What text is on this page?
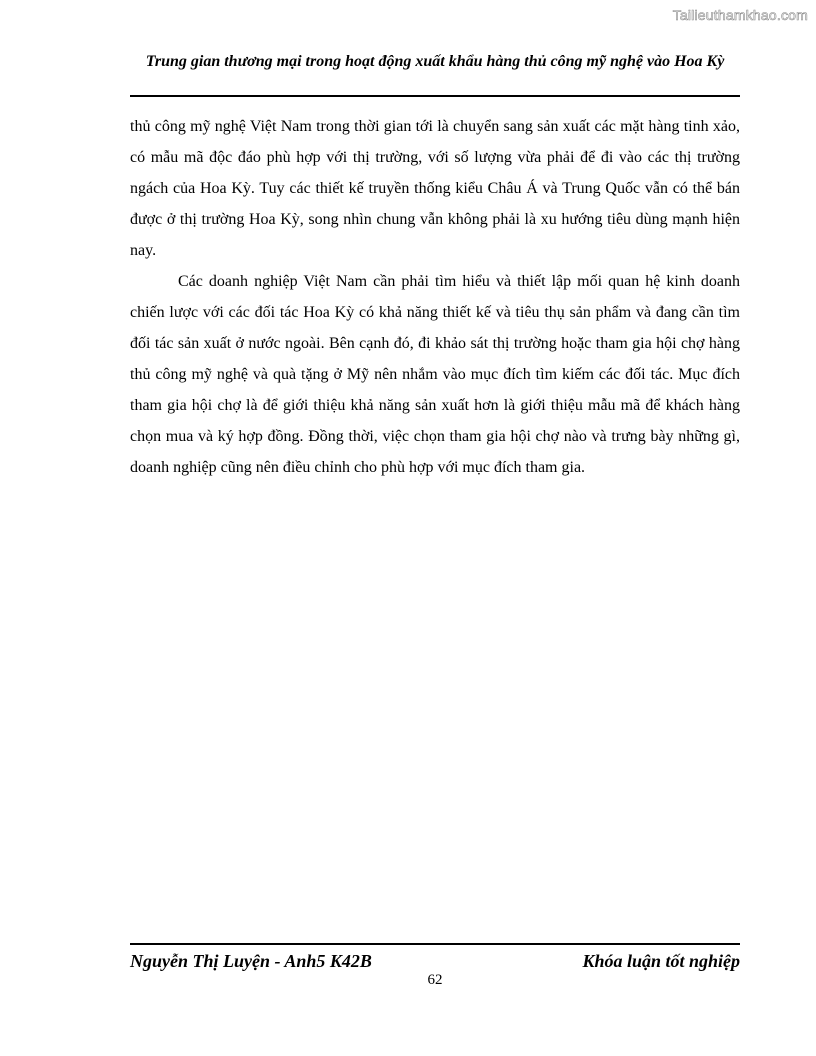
Tailieuthamkhao.com
Trung gian thương mại trong hoạt động xuất khẩu hàng thủ công mỹ nghệ vào Hoa Kỳ

thủ công mỹ nghệ Việt Nam trong thời gian tới là chuyển sang sản xuất các mặt hàng tinh xảo, có mẫu mã độc đáo phù hợp với thị trường, với số lượng vừa phải để đi vào các thị trường ngách của Hoa Kỳ. Tuy các thiết kế truyền thống kiểu Châu Á và Trung Quốc vẫn có thể bán được ở thị trường Hoa Kỳ, song nhìn chung vẫn không phải là xu hướng tiêu dùng mạnh hiện nay.

Các doanh nghiệp Việt Nam cần phải tìm hiểu và thiết lập mối quan hệ kinh doanh chiến lược với các đối tác Hoa Kỳ có khả năng thiết kế và tiêu thụ sản phẩm và đang cần tìm đối tác sản xuất ở nước ngoài. Bên cạnh đó, đi khảo sát thị trường hoặc tham gia hội chợ hàng thủ công mỹ nghệ và quà tặng ở Mỹ nên nhắm vào mục đích tìm kiếm các đối tác. Mục đích tham gia hội chợ là để giới thiệu khả năng sản xuất hơn là giới thiệu mẫu mã để khách hàng chọn mua và ký hợp đồng. Đồng thời, việc chọn tham gia hội chợ nào và trưng bày những gì, doanh nghiệp cũng nên điều chỉnh cho phù hợp với mục đích tham gia.

Nguyễn Thị Luyện - Anh5 K42B	Khóa luận tốt nghiệp
62
